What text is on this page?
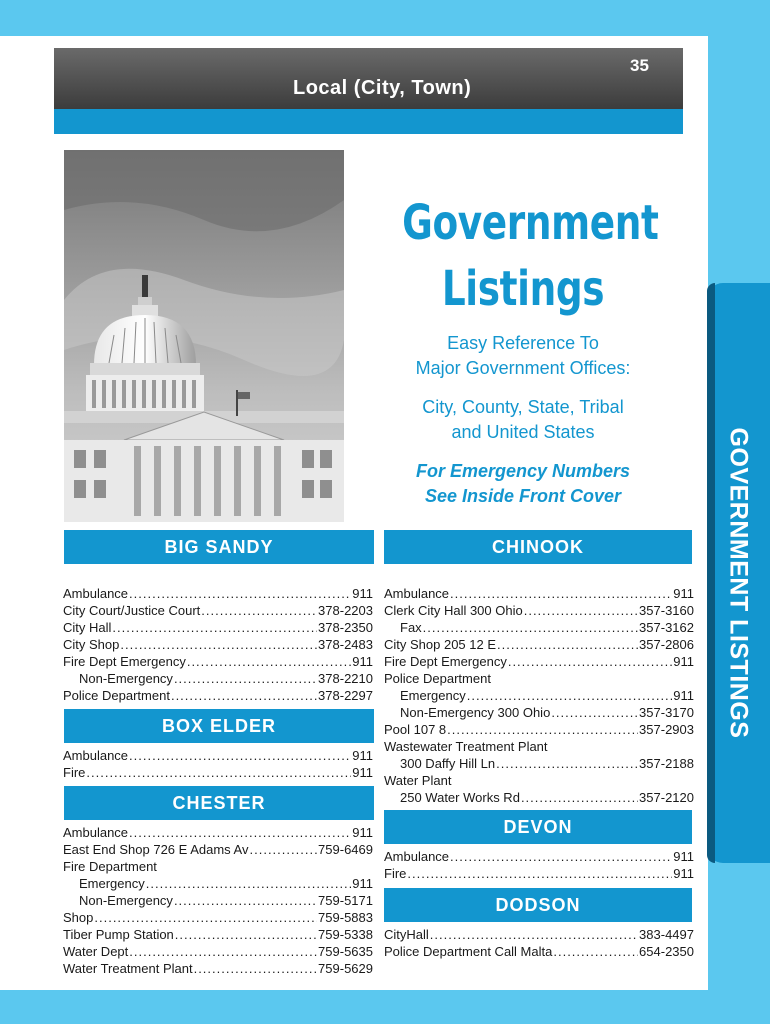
35
Local (City, Town)
Government
Listings
Easy Reference To
Major Government Offices:
City, County, State, Tribal
and United States
For Emergency Numbers
See Inside Front Cover	GOVERNMENT LISTINGS
BIG SANDY
Ambulance .....	911
City Court/Justice Court .....	378-2203
City Hall .....	378-2350
City Shop .....	378-2483
Fire Dept Emergency .....	911
Non-Emergency .....	378-2210
Police Department .....	378-2297
BOX ELDER
Ambulance .....	911
Fire .....	911
CHESTER
Ambulance .....	911
East End Shop 726 E Adams Av .....	759-6469
Fire Department
Emergency .....	911
Non-Emergency .....	759-5171
Shop .....	759-5883
Tiber Pump Station .....	759-5338
Water Dept .....	759-5635
Water Treatment Plant .....	759-5629
CHINOOK
Ambulance .....	911
Clerk City Hall 300 Ohio .....	357-3160
Fax .....	357-3162
City Shop 205 12 E .....	357-2806
Fire Dept Emergency .....	911
Police Department
Emergency .....	911
Non-Emergency 300 Ohio .....	357-3170
Pool 107 8 .....	357-2903
Wastewater Treatment Plant
300 Daffy Hill Ln .....	357-2188
Water Plant
250 Water Works Rd .....	357-2120
DEVON
Ambulance .....	911
Fire .....	911
DODSON
CityHall .....	383-4497
Police Department Call Malta .....	654-2350
